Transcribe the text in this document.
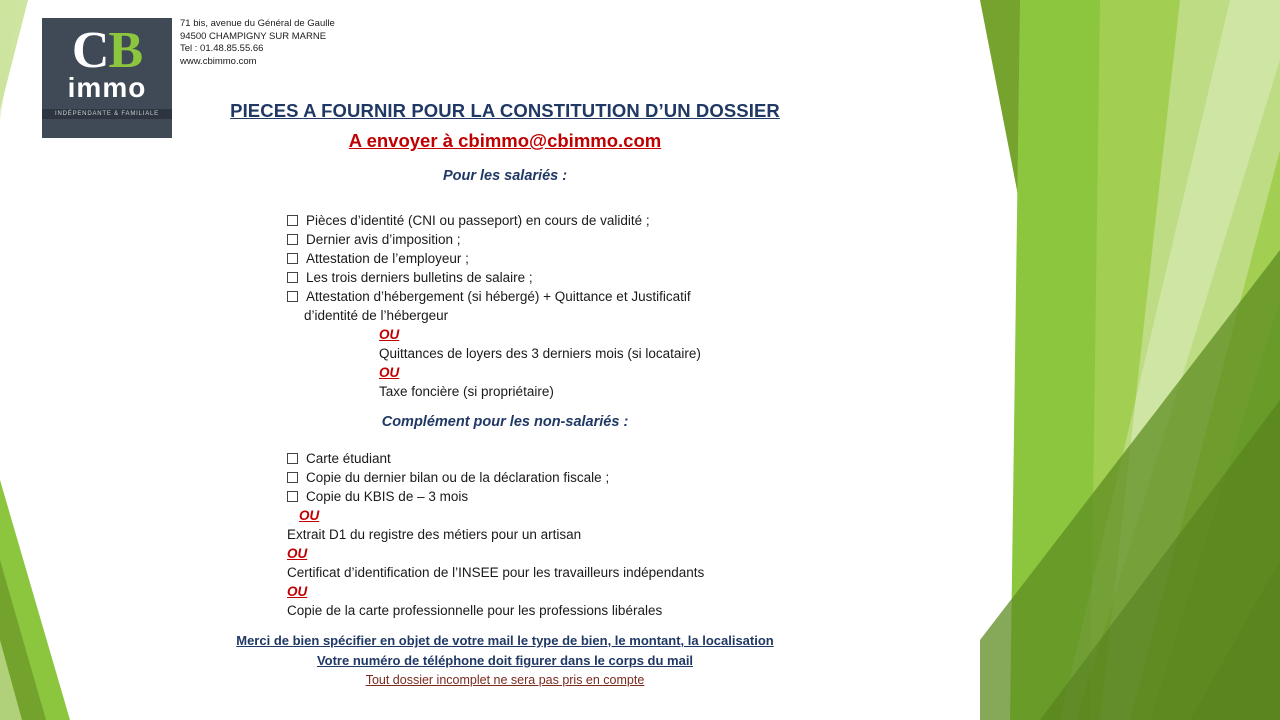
C B
immo
INDÉPENDANTE & FAMILIALE
71 bis, avenue du Général de Gaulle
94500 CHAMPIGNY SUR MARNE
Tel : 01.48.85.55.66
www.cbimmo.com
PIECES A FOURNIR POUR LA CONSTITUTION D’UN DOSSIER
A envoyer à cbimmo@cbimmo.com
Pour les salariés :
Pièces d’identité (CNI ou passeport) en cours de validité ;
Dernier avis d’imposition ;
Attestation de l’employeur ;
Les trois derniers bulletins de salaire ;
Attestation d’hébergement (si hébergé) + Quittance et Justificatif
d’identité de l’hébergeur
OU
Quittances de loyers des 3 derniers mois (si locataire)
OU
Taxe foncière (si propriétaire)
Complément pour les non-salariés :
Carte étudiant
Copie du dernier bilan ou de la déclaration fiscale ;
Copie du KBIS de – 3 mois
OU
Extrait D1 du registre des métiers pour un artisan
OU
Certificat d’identification de l’INSEE pour les travailleurs indépendants
OU
Copie de la carte professionnelle pour les professions libérales
Merci de bien spécifier en objet de votre mail le type de bien, le montant, la localisation
Votre numéro de téléphone doit figurer dans le corps du mail
Tout dossier incomplet ne sera pas pris en compte
